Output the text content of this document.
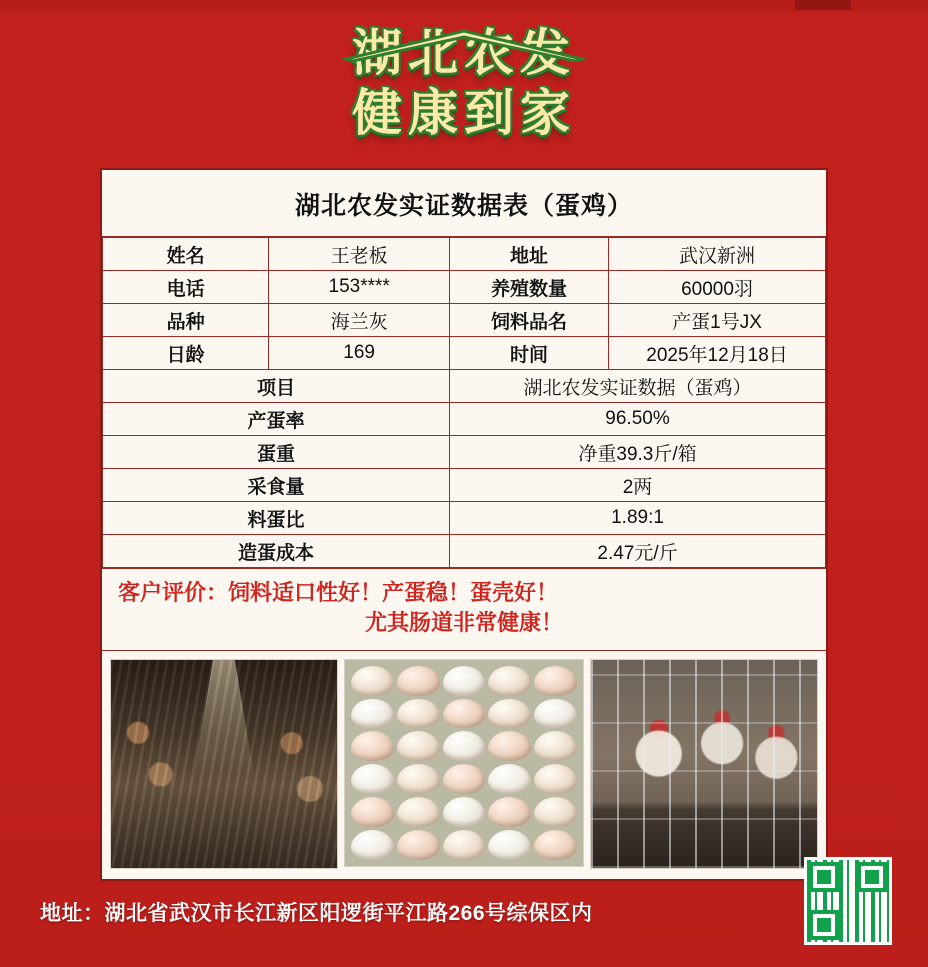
湖北农发
健康到家
湖北农发实证数据表（蛋鸡）
姓名	王老板	地址	武汉新洲
电话	153****	养殖数量	60000羽
品种	海兰灰	饲料品名	产蛋1号JX
日龄	169	时间	2025年12月18日
项目		湖北农发实证数据（蛋鸡）	
产蛋率		96.50%	
蛋重		净重39.3斤/箱	
采食量		2两	
料蛋比		1.89:1	
造蛋成本		2.47元/斤	
客户评价：饲料适口性好！产蛋稳！蛋壳好！
尤其肠道非常健康！
地址：湖北省武汉市长江新区阳逻街平江路266号综保区内
